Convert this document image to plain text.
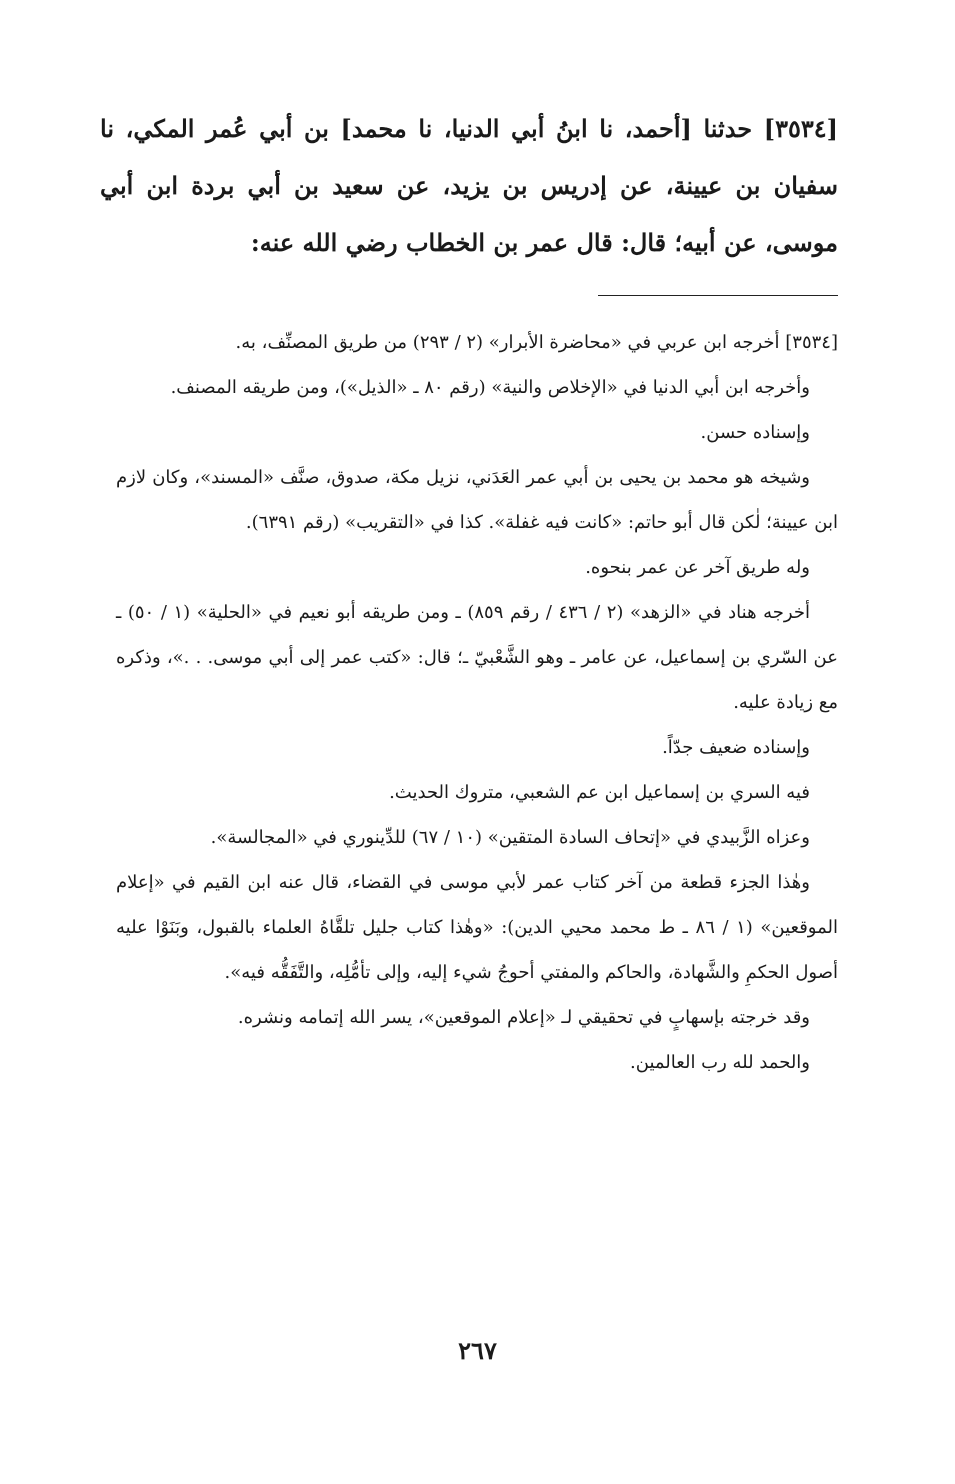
[٣٥٣٤] حدثنا [أحمد، نا ابنُ أبي الدنيا، نا محمد] بن أبي عُمر المكي، نا سفيان بن عيينة، عن إدريس بن يزيد، عن سعيد بن أبي بردة ابن أبي موسى، عن أبيه؛ قال: قال عمر بن الخطاب رضي الله عنه:

[٣٥٣٤] أخرجه ابن عربي في «محاضرة الأبرار» (٢ / ٢٩٣) من طريق المصنِّف، به.

وأخرجه ابن أبي الدنيا في «الإخلاص والنية» (رقم ٨٠ ـ «الذيل»)، ومن طريقه المصنف.

وإسناده حسن.

وشيخه هو محمد بن يحيى بن أبي عمر العَدَني، نزيل مكة، صدوق، صنَّف «المسند»، وكان لازم ابن عيينة؛ لٰكن قال أبو حاتم: «كانت فيه غفلة». كذا في «التقريب» (رقم ٦٣٩١).

وله طريق آخر عن عمر بنحوه.

أخرجه هناد في «الزهد» (٢ / ٤٣٦ / رقم ٨٥٩) ـ ومن طريقه أبو نعيم في «الحلية» (١ / ٥٠) ـ عن السّري بن إسماعيل، عن عامر ـ وهو الشَّعْبيّ ـ؛ قال: «كتب عمر إلى أبي موسى. . .»، وذكره مع زيادة عليه.

وإسناده ضعيف جدّاً.

فيه السري بن إسماعيل ابن عم الشعبي، متروك الحديث.

وعزاه الزَّبيدي في «إتحاف السادة المتقين» (١٠ / ٦٧) للدِّينوري في «المجالسة».

وهٰذا الجزء قطعة من آخر كتاب عمر لأبي موسى في القضاء، قال عنه ابن القيم في «إعلام الموقعين» (١ / ٨٦ ـ ط محمد محيي الدين): «وهٰذا كتاب جليل تلقَّاهُ العلماء بالقبول، وبَنَوْا عليه أصول الحكمِ والشَّهادة، والحاكم والمفتي أحوجُ شيء إليه، وإلى تأمُّلِه، والتَّفَقُّه فيه».

وقد خرجته بإسهابٍ في تحقيقي لـ «إعلام الموقعين»، يسر الله إتمامه ونشره.

والحمد لله رب العالمين.

٢٦٧
